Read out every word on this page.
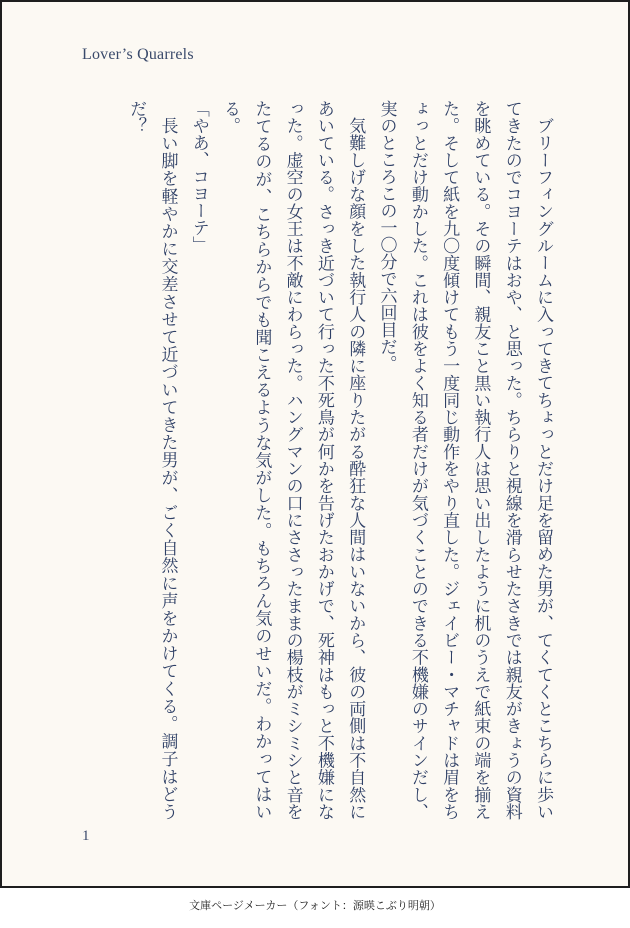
Lover’s Quarrels

ブリーフィングルームに入ってきてちょっとだけ足を留めた男が、てくてくとこちらに歩いてきたのでコヨーテはおや、と思った。ちらりと視線を滑らせたさきでは親友がきょうの資料を眺めている。その瞬間、親友こと黒い執行人は思い出したように机のうえで紙束の端を揃えた。そして紙を九〇度傾けてもう一度同じ動作をやり直した。ジェイビー・マチャドは眉をちょっとだけ動かした。これは彼をよく知る者だけが気づくことのできる不機嫌のサインだし、実のところこの一〇分で六回目だ。

気難しげな顔をした執行人の隣に座りたがる酔狂な人間はいないから、彼の両側は不自然にあいている。さっき近づいて行った不死鳥が何かを告げたおかげで、死神はもっと不機嫌になった。虚空の女王は不敵にわらった。ハングマンの口にささったままの楊枝がミシミシと音をたてるのが、こちらからでも聞こえるような気がした。もちろん気のせいだ。わかってはいる。

「やあ、コヨーテ」

長い脚を軽やかに交差させて近づいてきた男が、ごく自然に声をかけてくる。調子はどうだ？

1
文庫ページメーカー（フォント：源暎こぶり明朝）
